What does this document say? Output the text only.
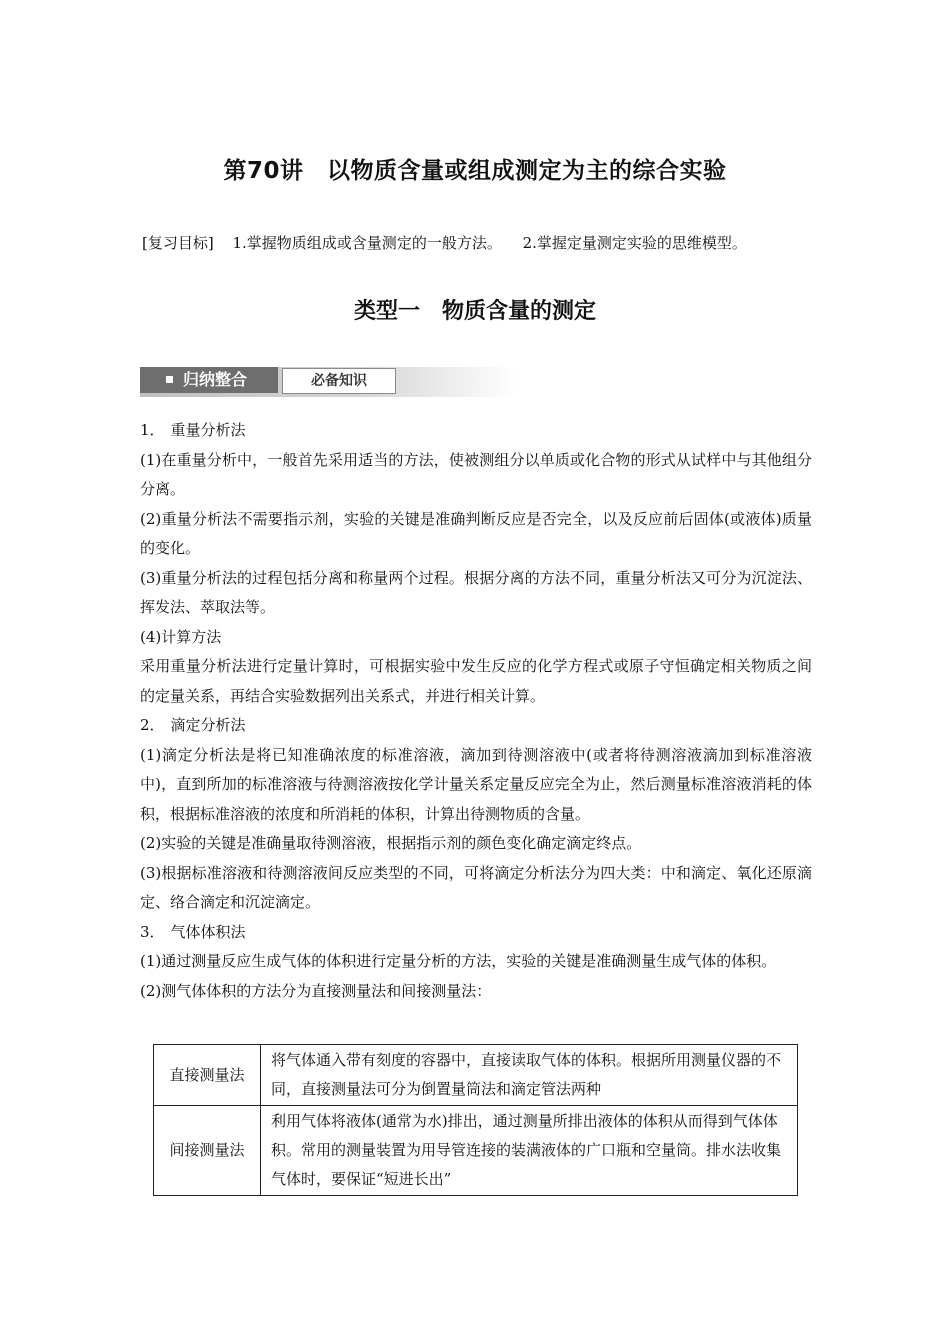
第70讲　以物质含量或组成测定为主的综合实验
[复习目标] 1.掌握物质组成或含量测定的一般方法。 2.掌握定量测定实验的思维模型。
类型一　物质含量的测定
归纳整合	必备知识

1． 重量分析法

(1)在重量分析中，一般首先采用适当的方法，使被测组分以单质或化合物的形式从试样中与其他组分分离。

(2)重量分析法不需要指示剂，实验的关键是准确判断反应是否完全，以及反应前后固体(或液体)质量的变化。

(3)重量分析法的过程包括分离和称量两个过程。根据分离的方法不同，重量分析法又可分为沉淀法、挥发法、萃取法等。

(4)计算方法

采用重量分析法进行定量计算时，可根据实验中发生反应的化学方程式或原子守恒确定相关物质之间的定量关系，再结合实验数据列出关系式，并进行相关计算。

2． 滴定分析法

(1)滴定分析法是将已知准确浓度的标准溶液，滴加到待测溶液中(或者将待测溶液滴加到标准溶液中)，直到所加的标准溶液与待测溶液按化学计量关系定量反应完全为止，然后测量标准溶液消耗的体积，根据标准溶液的浓度和所消耗的体积，计算出待测物质的含量。

(2)实验的关键是准确量取待测溶液，根据指示剂的颜色变化确定滴定终点。

(3)根据标准溶液和待测溶液间反应类型的不同，可将滴定分析法分为四大类：中和滴定、氧化还原滴定、络合滴定和沉淀滴定。

3． 气体体积法

(1)通过测量反应生成气体的体积进行定量分析的方法，实验的关键是准确测量生成气体的体积。

(2)测气体体积的方法分为直接测量法和间接测量法：

直接测量法	将气体通入带有刻度的容器中，直接读取气体的体积。根据所用测量仪器的不同，直接测量法可分为倒置量筒法和滴定管法两种
间接测量法	利用气体将液体(通常为水)排出，通过测量所排出液体的体积从而得到气体体积。常用的测量装置为用导管连接的装满液体的广口瓶和空量筒。排水法收集气体时，要保证“短进长出”
